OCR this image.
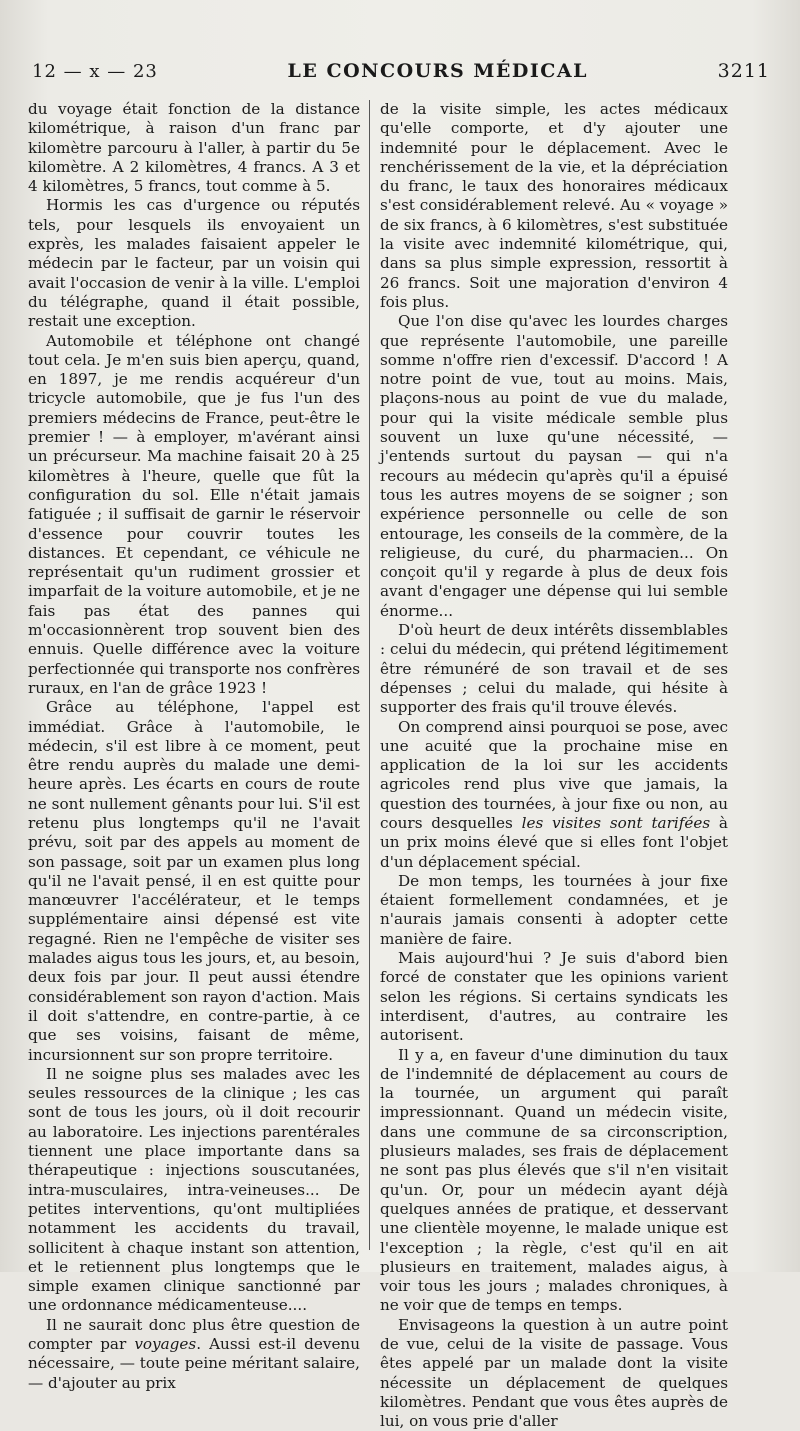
12 — x — 23	LE CONCOURS MÉDICAL	3211

du voyage était fonction de la distance kilométrique, à raison d'un franc par kilomètre parcouru à l'aller, à partir du 5e kilomètre. A 2 kilomètres, 4 francs. A 3 et 4 kilomètres, 5 francs, tout comme à 5.

Hormis les cas d'urgence ou réputés tels, pour lesquels ils envoyaient un exprès, les malades faisaient appeler le médecin par le facteur, par un voisin qui avait l'occasion de venir à la ville. L'emploi du télégraphe, quand il était possible, restait une exception.

Automobile et téléphone ont changé tout cela. Je m'en suis bien aperçu, quand, en 1897, je me rendis acquéreur d'un tricycle automobile, que je fus l'un des premiers médecins de France, peut-être le premier ! — à employer, m'avérant ainsi un précurseur. Ma machine faisait 20 à 25 kilomètres à l'heure, quelle que fût la configuration du sol. Elle n'était jamais fatiguée ; il suffisait de garnir le réservoir d'essence pour couvrir toutes les distances. Et cependant, ce véhicule ne représentait qu'un rudiment grossier et imparfait de la voiture automobile, et je ne fais pas état des pannes qui m'occasionnèrent trop souvent bien des ennuis. Quelle différence avec la voiture perfectionnée qui transporte nos confrères ruraux, en l'an de grâce 1923 !

Grâce au téléphone, l'appel est immédiat. Grâce à l'automobile, le médecin, s'il est libre à ce moment, peut être rendu auprès du malade une demi-heure après. Les écarts en cours de route ne sont nullement gênants pour lui. S'il est retenu plus longtemps qu'il ne l'avait prévu, soit par des appels au moment de son passage, soit par un examen plus long qu'il ne l'avait pensé, il en est quitte pour manœuvrer l'accélérateur, et le temps supplémentaire ainsi dépensé est vite regagné. Rien ne l'empêche de visiter ses malades aigus tous les jours, et, au besoin, deux fois par jour. Il peut aussi étendre considérablement son rayon d'action. Mais il doit s'attendre, en contre-partie, à ce que ses voisins, faisant de même, incursionnent sur son propre territoire.

Il ne soigne plus ses malades avec les seules ressources de la clinique ; les cas sont de tous les jours, où il doit recourir au laboratoire. Les injections parentérales tiennent une place importante dans sa thérapeutique : injections souscutanées, intra-musculaires, intra-veineuses... De petites interventions, qu'ont multipliées notamment les accidents du travail, sollicitent à chaque instant son attention, et le retiennent plus longtemps que le simple examen clinique sanctionné par une ordonnance médicamenteuse....

Il ne saurait donc plus être question de compter par voyages. Aussi est-il devenu nécessaire, — toute peine méritant salaire, — d'ajouter au prix

de la visite simple, les actes médicaux qu'elle comporte, et d'y ajouter une indemnité pour le déplacement. Avec le renchérissement de la vie, et la dépréciation du franc, le taux des honoraires médicaux s'est considérablement relevé. Au « voyage » de six francs, à 6 kilomètres, s'est substituée la visite avec indemnité kilométrique, qui, dans sa plus simple expression, ressortit à 26 francs. Soit une majoration d'environ 4 fois plus.

Que l'on dise qu'avec les lourdes charges que représente l'automobile, une pareille somme n'offre rien d'excessif. D'accord ! A notre point de vue, tout au moins. Mais, plaçons-nous au point de vue du malade, pour qui la visite médicale semble plus souvent un luxe qu'une nécessité, — j'entends surtout du paysan — qui n'a recours au médecin qu'après qu'il a épuisé tous les autres moyens de se soigner ; son expérience personnelle ou celle de son entourage, les conseils de la commère, de la religieuse, du curé, du pharmacien... On conçoit qu'il y regarde à plus de deux fois avant d'engager une dépense qui lui semble énorme...

D'où heurt de deux intérêts dissemblables : celui du médecin, qui prétend légitimement être rémunéré de son travail et de ses dépenses ; celui du malade, qui hésite à supporter des frais qu'il trouve élevés.

On comprend ainsi pourquoi se pose, avec une acuité que la prochaine mise en application de la loi sur les accidents agricoles rend plus vive que jamais, la question des tournées, à jour fixe ou non, au cours desquelles les visites sont tarifées à un prix moins élevé que si elles font l'objet d'un déplacement spécial.

De mon temps, les tournées à jour fixe étaient formellement condamnées, et je n'aurais jamais consenti à adopter cette manière de faire.

Mais aujourd'hui ? Je suis d'abord bien forcé de constater que les opinions varient selon les régions. Si certains syndicats les interdisent, d'autres, au contraire les autorisent.

Il y a, en faveur d'une diminution du taux de l'indemnité de déplacement au cours de la tournée, un argument qui paraît impressionnant. Quand un médecin visite, dans une commune de sa circonscription, plusieurs malades, ses frais de déplacement ne sont pas plus élevés que s'il n'en visitait qu'un. Or, pour un médecin ayant déjà quelques années de pratique, et desservant une clientèle moyenne, le malade unique est l'exception ; la règle, c'est qu'il en ait plusieurs en traitement, malades aigus, à voir tous les jours ; malades chroniques, à ne voir que de temps en temps.

Envisageons la question à un autre point de vue, celui de la visite de passage. Vous êtes appelé par un malade dont la visite nécessite un déplacement de quelques kilomètres. Pendant que vous êtes auprès de lui, on vous prie d'aller
